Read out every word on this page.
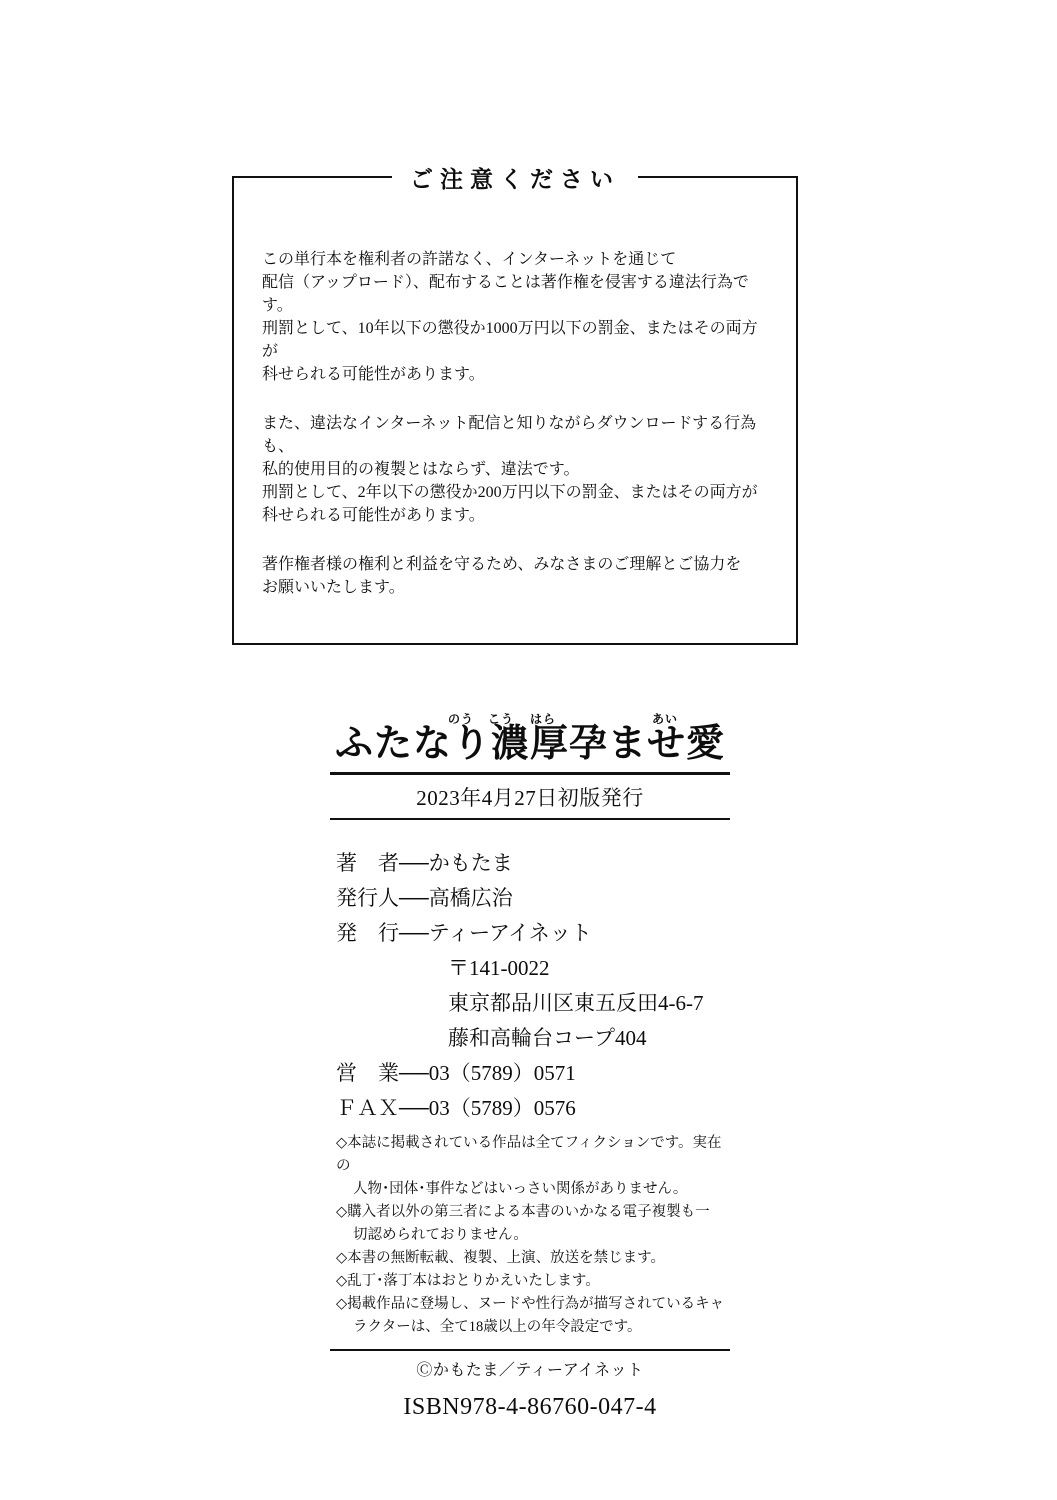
ご注意ください

この単行本を権利者の許諾なく、インターネットを通じて
配信（アップロード）、配布することは著作権を侵害する違法行為です。
刑罰として、10年以下の懲役か1000万円以下の罰金、またはその両方が
科せられる可能性があります。

また、違法なインターネット配信と知りながらダウンロードする行為も、
私的使用目的の複製とはならず、違法です。
刑罰として、2年以下の懲役か200万円以下の罰金、またはその両方が
科せられる可能性があります。

著作権者様の権利と利益を守るため、みなさまのご理解とご協力を
お願いいたします。

のう こう はら	あい
ふたなり濃厚孕ませ愛
2023年4月27日初版発行
著　者──かもたま
発行人──高橋広治
発　行──ティーアイネット
〒141-0022
東京都品川区東五反田4-6-7
藤和高輪台コープ404
営　業──03（5789）0571
ＦＡＸ──03（5789）0576
◇本誌に掲載されている作品は全てフィクションです。実在の
人物･団体･事件などはいっさい関係がありません。
◇購入者以外の第三者による本書のいかなる電子複製も一
切認められておりません。
◇本書の無断転載、複製、上演、放送を禁じます。
◇乱丁･落丁本はおとりかえいたします。
◇掲載作品に登場し、ヌードや性行為が描写されているキャ
ラクターは、全て18歳以上の年令設定です。
Ⓒかもたま／ティーアイネット
ISBN978-4-86760-047-4
